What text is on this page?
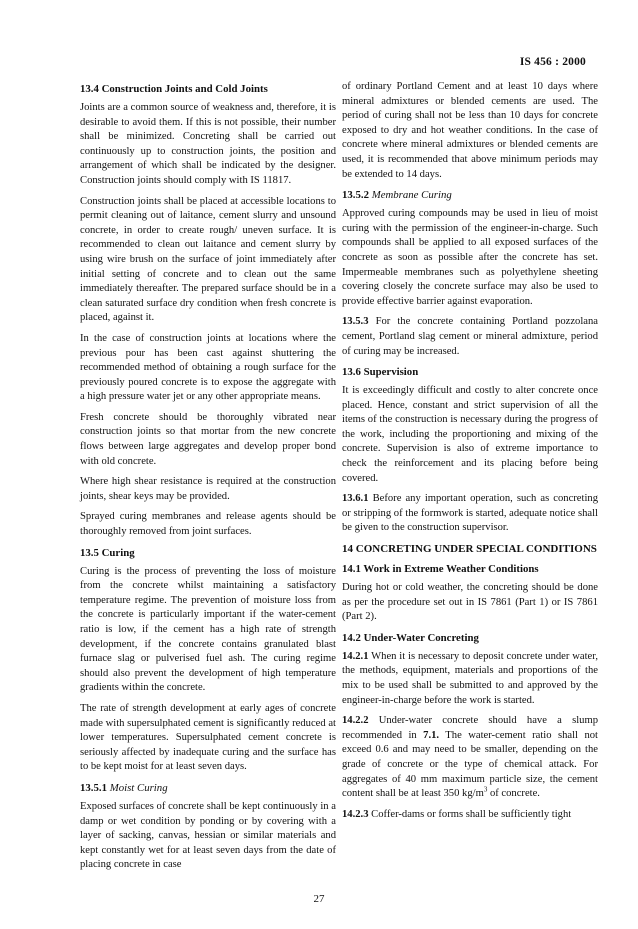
IS 456 : 2000
13.4 Construction Joints and Cold Joints

Joints are a common source of weakness and, therefore, it is desirable to avoid them. If this is not possible, their number shall be minimized. Concreting shall be carried out continuously up to construction joints, the position and arrangement of which shall be indicated by the designer. Construction joints should comply with IS 11817.

Construction joints shall be placed at accessible locations to permit cleaning out of laitance, cement slurry and unsound concrete, in order to create rough/ uneven surface. It is recommended to clean out laitance and cement slurry by using wire brush on the surface of joint immediately after initial setting of concrete and to clean out the same immediately thereafter. The prepared surface should be in a clean saturated surface dry condition when fresh concrete is placed, against it.

In the case of construction joints at locations where the previous pour has been cast against shuttering the recommended method of obtaining a rough surface for the previously poured concrete is to expose the aggregate with a high pressure water jet or any other appropriate means.

Fresh concrete should be thoroughly vibrated near construction joints so that mortar from the new concrete flows between large aggregates and develop proper bond with old concrete.

Where high shear resistance is required at the construction joints, shear keys may be provided.

Sprayed curing membranes and release agents should be thoroughly removed from joint surfaces.

13.5 Curing

Curing is the process of preventing the loss of moisture from the concrete whilst maintaining a satisfactory temperature regime. The prevention of moisture loss from the concrete is particularly important if the water-cement ratio is low, if the cement has a high rate of strength development, if the concrete contains granulated blast furnace slag or pulverised fuel ash. The curing regime should also prevent the development of high temperature gradients within the concrete.

The rate of strength development at early ages of concrete made with supersulphated cement is significantly reduced at lower temperatures. Supersulphated cement concrete is seriously affected by inadequate curing and the surface has to be kept moist for at least seven days.

13.5.1 Moist Curing

Exposed surfaces of concrete shall be kept continuously in a damp or wet condition by ponding or by covering with a layer of sacking, canvas, hessian or similar materials and kept constantly wet for at least seven days from the date of placing concrete in case

of ordinary Portland Cement and at least 10 days where mineral admixtures or blended cements are used. The period of curing shall not be less than 10 days for concrete exposed to dry and hot weather conditions. In the case of concrete where mineral admixtures or blended cements are used, it is recommended that above minimum periods may be extended to 14 days.

13.5.2 Membrane Curing

Approved curing compounds may be used in lieu of moist curing with the permission of the engineer-in-charge. Such compounds shall be applied to all exposed surfaces of the concrete as soon as possible after the concrete has set. Impermeable membranes such as polyethylene sheeting covering closely the concrete surface may also be used to provide effective barrier against evaporation.

13.5.3 For the concrete containing Portland pozzolana cement, Portland slag cement or mineral admixture, period of curing may be increased.

13.6 Supervision

It is exceedingly difficult and costly to alter concrete once placed. Hence, constant and strict supervision of all the items of the construction is necessary during the progress of the work, including the proportioning and mixing of the concrete. Supervision is also of extreme importance to check the reinforcement and its placing before being covered.

13.6.1 Before any important operation, such as concreting or stripping of the formwork is started, adequate notice shall be given to the construction supervisor.

14 CONCRETING UNDER SPECIAL CONDITIONS
14.1 Work in Extreme Weather Conditions

During hot or cold weather, the concreting should be done as per the procedure set out in IS 7861 (Part 1) or IS 7861 (Part 2).

14.2 Under-Water Concreting

14.2.1 When it is necessary to deposit concrete under water, the methods, equipment, materials and proportions of the mix to be used shall be submitted to and approved by the engineer-in-charge before the work is started.

14.2.2 Under-water concrete should have a slump recommended in 7.1. The water-cement ratio shall not exceed 0.6 and may need to be smaller, depending on the grade of concrete or the type of chemical attack. For aggregates of 40 mm maximum particle size, the cement content shall be at least 350 $kg/m^3$ of concrete.

14.2.3 Coffer-dams or forms shall be sufficiently tight

27
